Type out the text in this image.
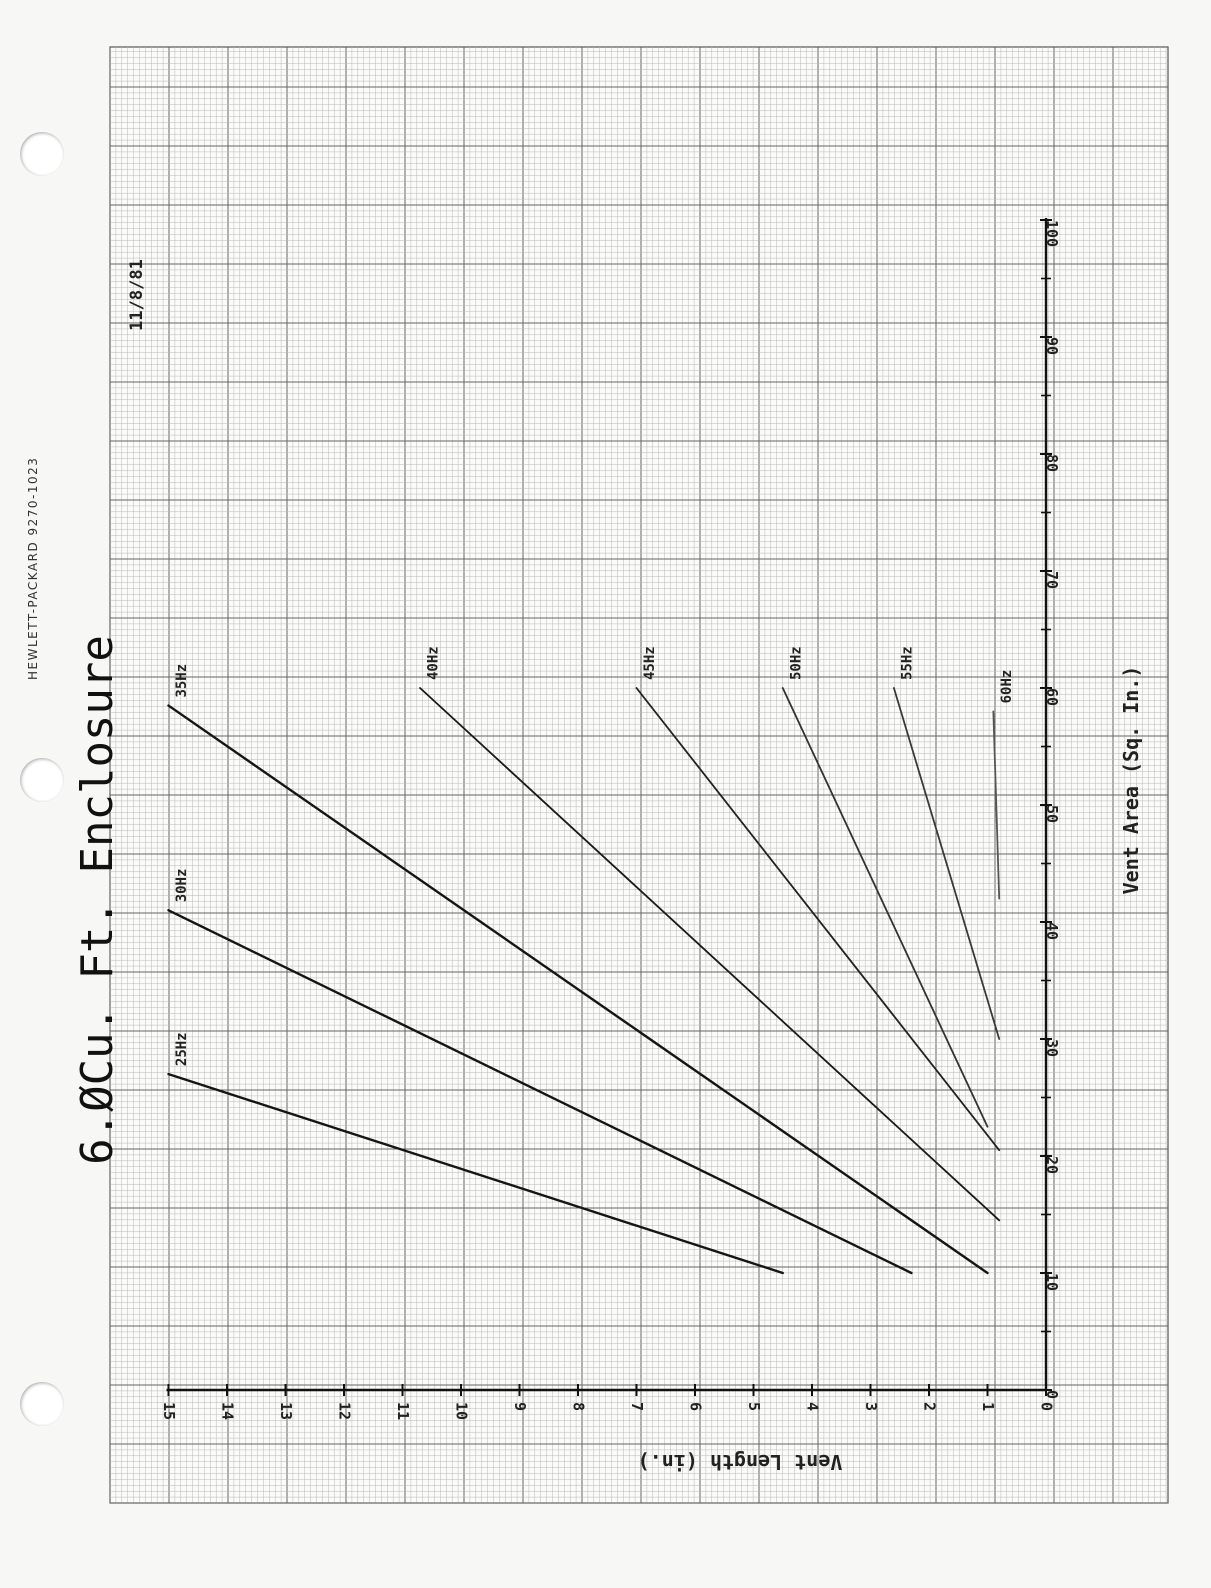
0
10
20
30
40
50
60
70
80
90
100
0
1
2
3
4
5
6
7
8
9
10
11
12
13
14
15
25Hz
30Hz
35Hz
40Hz	45Hz	50Hz	55Hz
60Hz	Vent Area (Sq. In.)
Vent Length (in.)
6.ØCu. Ft. Enclosure
11/8/81
HEWLETT-PACKARD 9270-1023
